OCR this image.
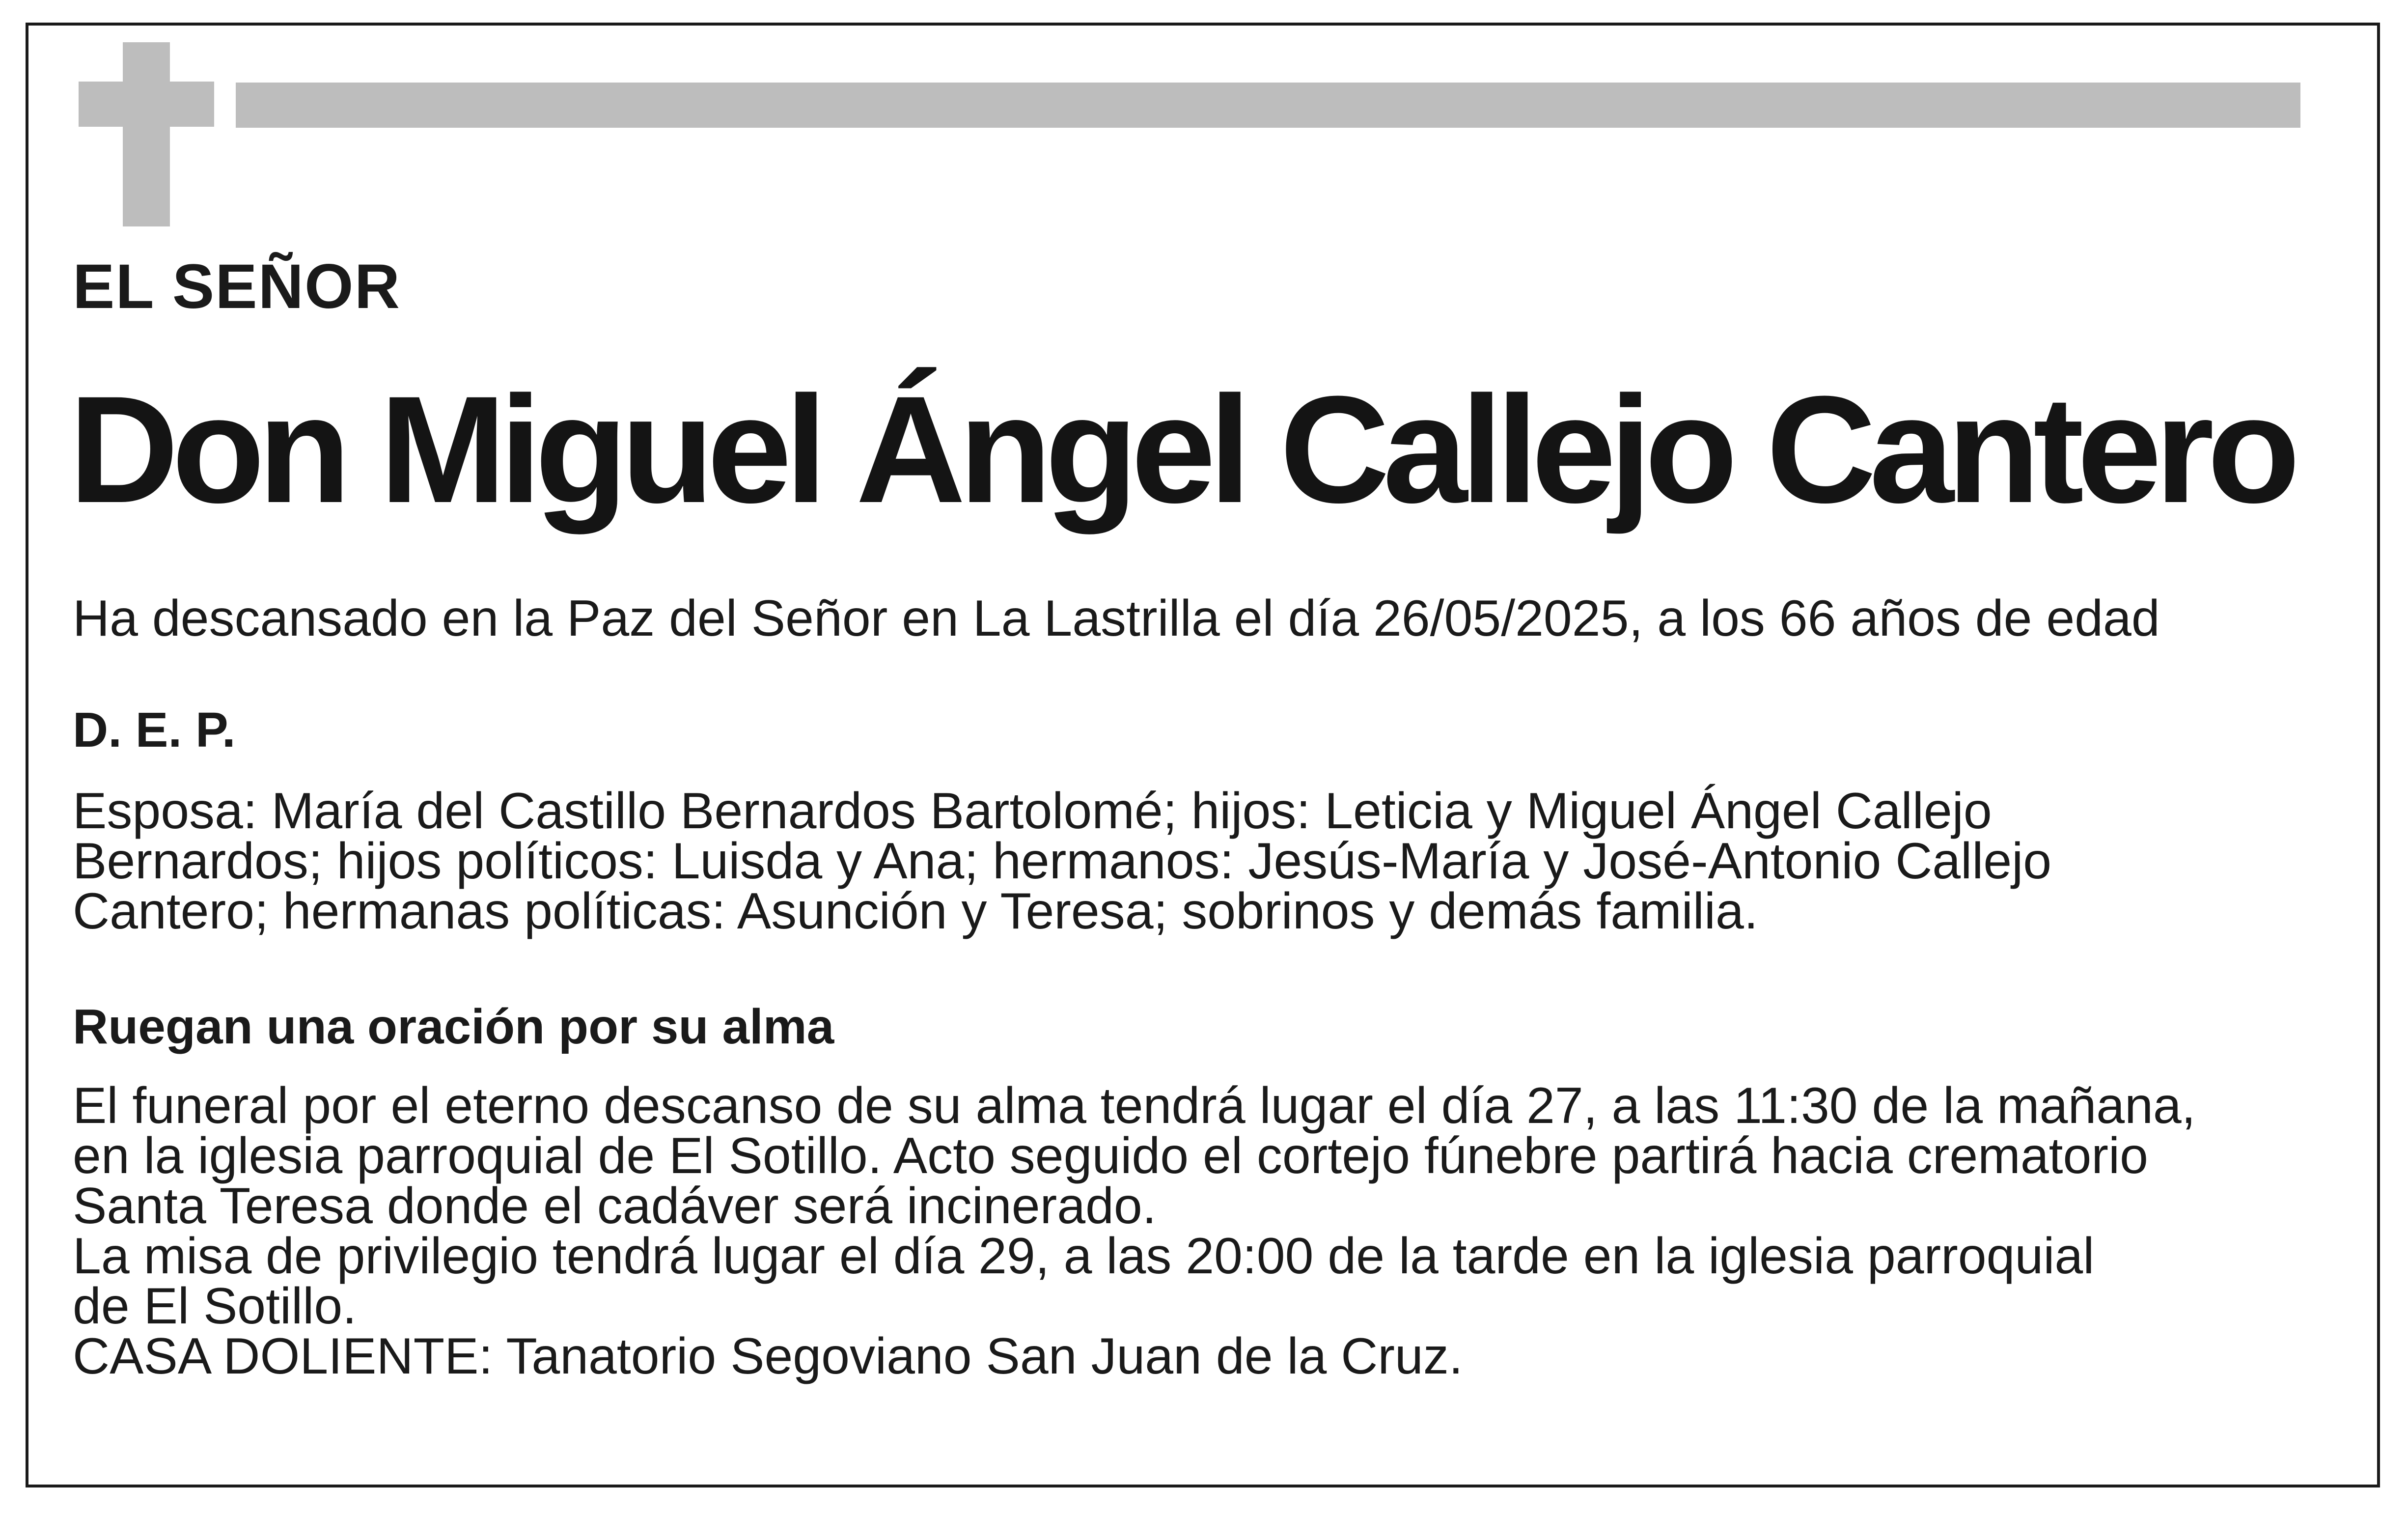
EL SEÑOR
Don Miguel Ángel Callejo Cantero
Ha descansado en la Paz del Señor en La Lastrilla el día 26/05/2025, a los 66 años de edad
D. E. P.
Esposa: María del Castillo Bernardos Bartolomé; hijos: Leticia y Miguel Ángel Callejo
Bernardos; hijos políticos: Luisda y Ana; hermanos: Jesús-María y José-Antonio Callejo
Cantero; hermanas políticas: Asunción y Teresa; sobrinos y demás familia.
Ruegan una oración por su alma
El funeral por el eterno descanso de su alma tendrá lugar el día 27, a las 11:30 de la mañana,
en la iglesia parroquial de El Sotillo. Acto seguido el cortejo fúnebre partirá hacia crematorio
Santa Teresa donde el cadáver será incinerado.
La misa de privilegio tendrá lugar el día 29, a las 20:00 de la tarde en la iglesia parroquial
de El Sotillo.
CASA DOLIENTE: Tanatorio Segoviano San Juan de la Cruz.
